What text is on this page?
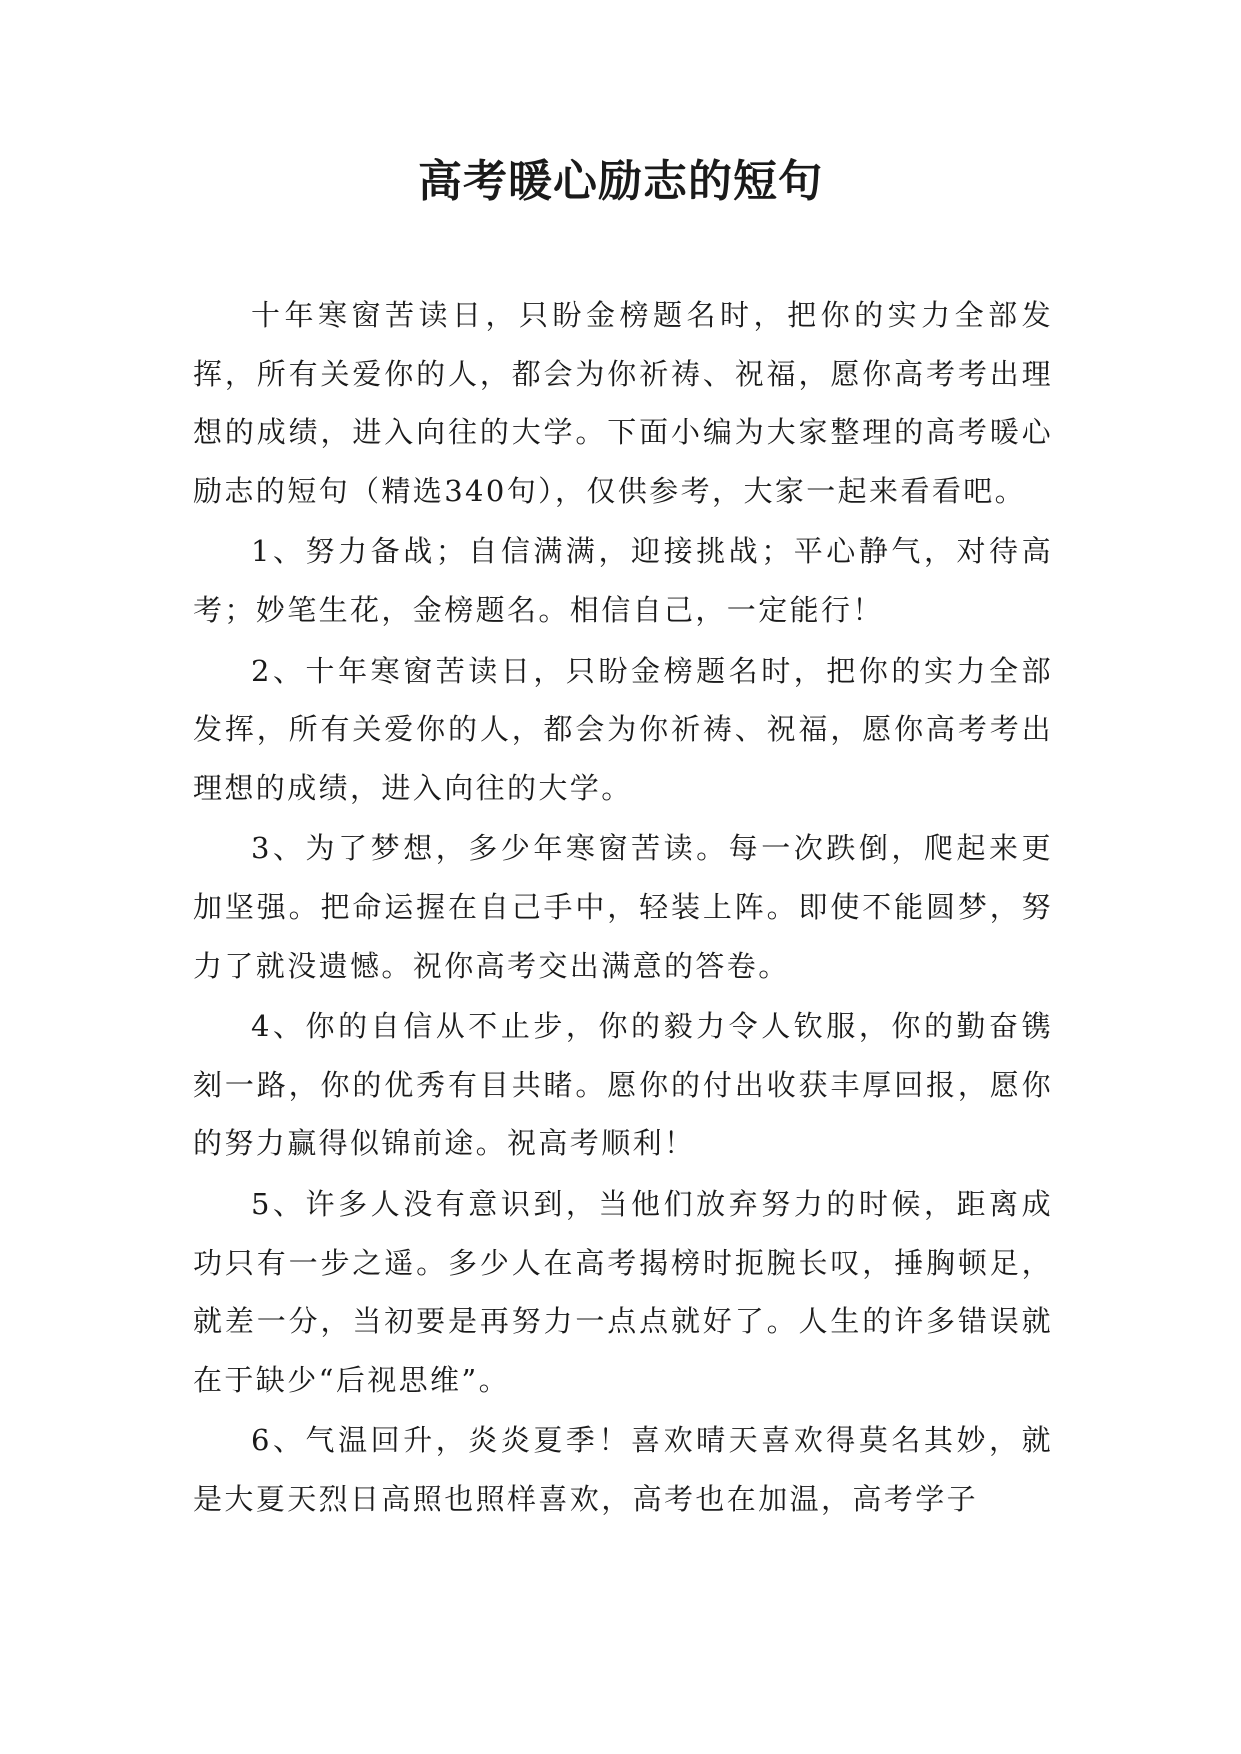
高考暖心励志的短句

十年寒窗苦读日，只盼金榜题名时，把你的实力全部发挥，所有关爱你的人，都会为你祈祷、祝福，愿你高考考出理想的成绩，进入向往的大学。下面小编为大家整理的高考暖心励志的短句（精选340句），仅供参考，大家一起来看看吧。

1、努力备战；自信满满，迎接挑战；平心静气，对待高考；妙笔生花，金榜题名。相信自己，一定能行！

2、十年寒窗苦读日，只盼金榜题名时，把你的实力全部发挥，所有关爱你的人，都会为你祈祷、祝福，愿你高考考出理想的成绩，进入向往的大学。

3、为了梦想，多少年寒窗苦读。每一次跌倒，爬起来更加坚强。把命运握在自己手中，轻装上阵。即使不能圆梦，努力了就没遗憾。祝你高考交出满意的答卷。

4、你的自信从不止步，你的毅力令人钦服，你的勤奋镌刻一路，你的优秀有目共睹。愿你的付出收获丰厚回报，愿你的努力赢得似锦前途。祝高考顺利！

5、许多人没有意识到，当他们放弃努力的时候，距离成功只有一步之遥。多少人在高考揭榜时扼腕长叹，捶胸顿足，就差一分，当初要是再努力一点点就好了。人生的许多错误就在于缺少“后视思维”。

6、气温回升，炎炎夏季！喜欢晴天喜欢得莫名其妙，就是大夏天烈日高照也照样喜欢，高考也在加温，高考学子
